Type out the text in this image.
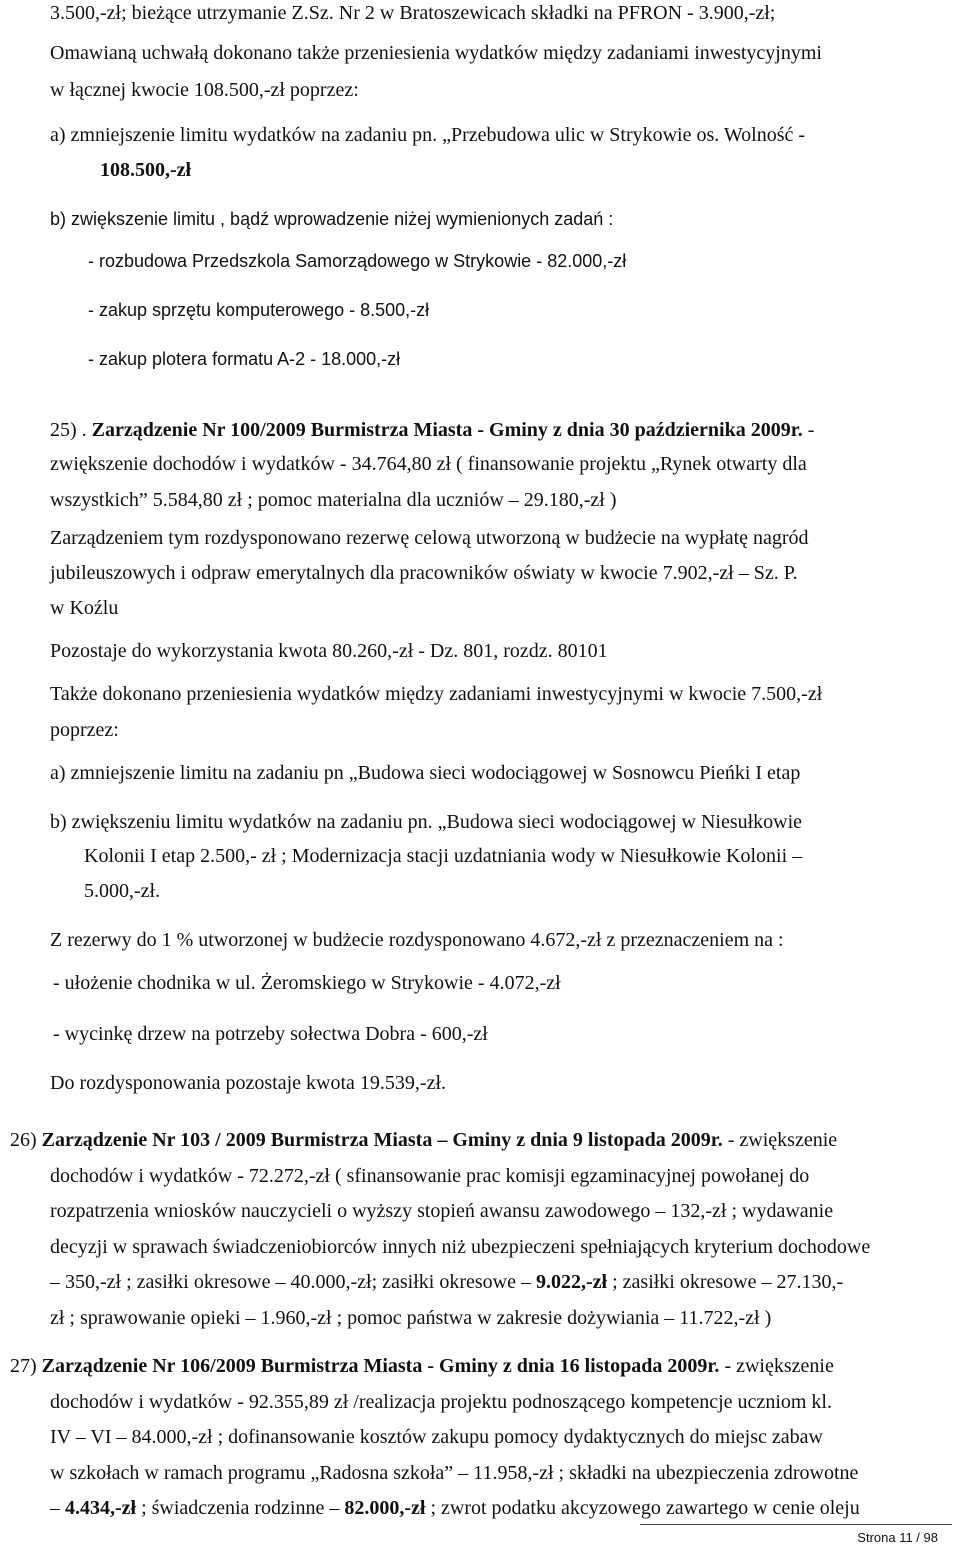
3.500,-zł; bieżące utrzymanie Z.Sz. Nr 2 w Bratoszewicach składki na PFRON - 3.900,-zł;
Omawianą uchwałą dokonano także przeniesienia wydatków między zadaniami inwestycyjnymi
w łącznej kwocie 108.500,-zł poprzez:
a) zmniejszenie limitu wydatków na zadaniu pn. „Przebudowa ulic w Strykowie os. Wolność -
108.500,-zł
b) zwiększenie limitu , bądź wprowadzenie niżej wymienionych zadań :
- rozbudowa Przedszkola Samorządowego w Strykowie - 82.000,-zł
- zakup sprzętu komputerowego - 8.500,-zł
- zakup plotera formatu A-2 - 18.000,-zł
25) . Zarządzenie Nr 100/2009 Burmistrza Miasta - Gminy z dnia 30 października 2009r. -
zwiększenie dochodów i wydatków - 34.764,80 zł ( finansowanie projektu „Rynek otwarty dla
wszystkich” 5.584,80 zł ; pomoc materialna dla uczniów – 29.180,-zł )
Zarządzeniem tym rozdysponowano rezerwę celową utworzoną w budżecie na wypłatę nagród
jubileuszowych i odpraw emerytalnych dla pracowników oświaty w kwocie 7.902,-zł – Sz. P.
w Koźlu
Pozostaje do wykorzystania kwota 80.260,-zł - Dz. 801, rozdz. 80101
Także dokonano przeniesienia wydatków między zadaniami inwestycyjnymi w kwocie 7.500,-zł
poprzez:
a) zmniejszenie limitu na zadaniu pn „Budowa sieci wodociągowej w Sosnowcu Pieńki I etap
b) zwiększeniu limitu wydatków na zadaniu pn. „Budowa sieci wodociągowej w Niesułkowie
Kolonii I etap 2.500,- zł ; Modernizacja stacji uzdatniania wody w Niesułkowie Kolonii –
5.000,-zł.
Z rezerwy do 1 % utworzonej w budżecie rozdysponowano 4.672,-zł z przeznaczeniem na :
- ułożenie chodnika w ul. Żeromskiego w Strykowie - 4.072,-zł
- wycinkę drzew na potrzeby sołectwa Dobra - 600,-zł
Do rozdysponowania pozostaje kwota 19.539,-zł.
26) Zarządzenie Nr 103 / 2009 Burmistrza Miasta – Gminy z dnia 9 listopada 2009r. - zwiększenie
dochodów i wydatków - 72.272,-zł ( sfinansowanie prac komisji egzaminacyjnej powołanej do
rozpatrzenia wniosków nauczycieli o wyższy stopień awansu zawodowego – 132,-zł ; wydawanie
decyzji w sprawach świadczeniobiorców innych niż ubezpieczeni spełniających kryterium dochodowe
– 350,-zł ; zasiłki okresowe – 40.000,-zł; zasiłki okresowe – 9.022,-zł ; zasiłki okresowe – 27.130,-
zł ; sprawowanie opieki – 1.960,-zł ; pomoc państwa w zakresie dożywiania – 11.722,-zł )
27) Zarządzenie Nr 106/2009 Burmistrza Miasta - Gminy z dnia 16 listopada 2009r. - zwiększenie
dochodów i wydatków - 92.355,89 zł /realizacja projektu podnoszącego kompetencje uczniom kl.
IV – VI – 84.000,-zł ; dofinansowanie kosztów zakupu pomocy dydaktycznych do miejsc zabaw
w szkołach w ramach programu „Radosna szkoła” – 11.958,-zł ; składki na ubezpieczenia zdrowotne
– 4.434,-zł ; świadczenia rodzinne – 82.000,-zł ; zwrot podatku akcyzowego zawartego w cenie oleju
Strona 11 / 98
